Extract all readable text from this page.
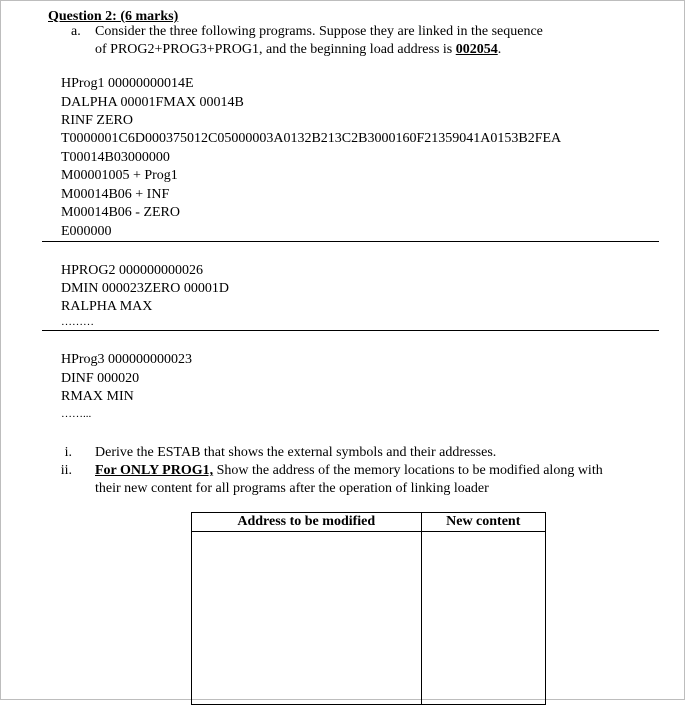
Question 2: (6 marks)
a. Consider the three following programs. Suppose they are linked in the sequence
of PROG2+PROG3+PROG1, and the beginning load address is 002054.
HProg1 00000000014E
DALPHA 00001FMAX 00014B
RINF ZERO
T0000001C6D000375012C05000003A0132B213C2B3000160F21359041A0153B2FEA
T00014B03000000
M00001005 + Prog1
M00014B06 + INF
M00014B06 - ZERO
E000000
HPROG2 000000000026
DMIN 000023ZERO 00001D
RALPHA MAX
………
HProg3 000000000023
DINF 000020
RMAX MIN
……...
i. Derive the ESTAB that shows the external symbols and their addresses.
ii. For ONLY PROG1, Show the address of the memory locations to be modified along with
their new content for all programs after the operation of linking loader
Address to be modified	New content
